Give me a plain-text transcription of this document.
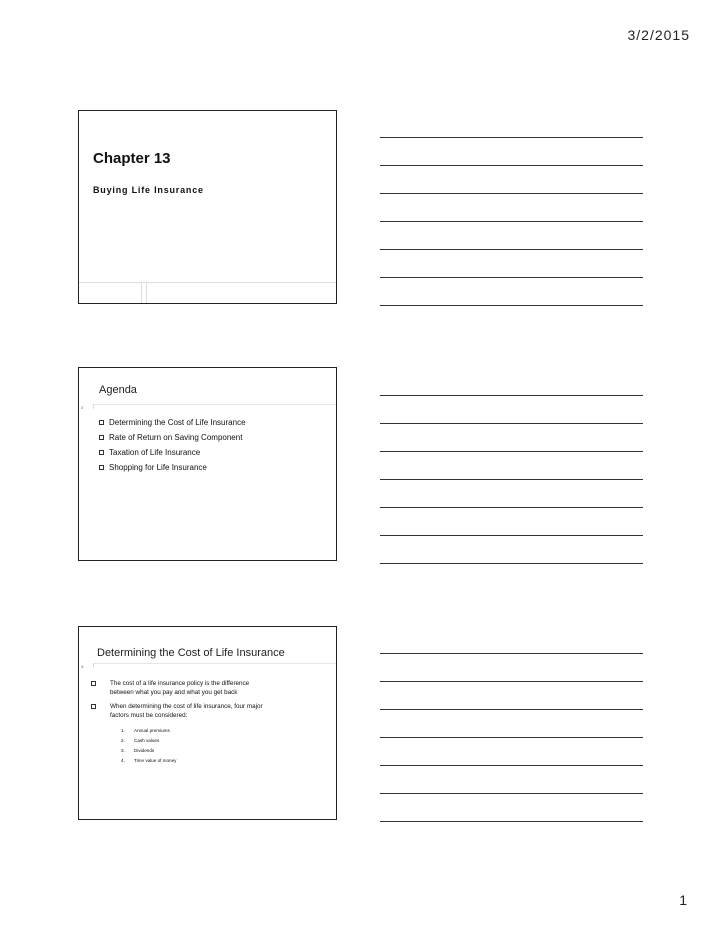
3/2/2015
Chapter 13
Buying Life Insurance
Agenda
2
Determining the Cost of Life Insurance
Rate of Return on Saving Component
Taxation of Life Insurance
Shopping for Life Insurance
Determining the Cost of Life Insurance
3
The cost of a life insurance policy is the difference
between what you pay and what you get back
When determining the cost of life insurance, four major
factors must be considered:
1. Annual premiums
2. Cash values
3. Dividends
4. Time value of money
1
